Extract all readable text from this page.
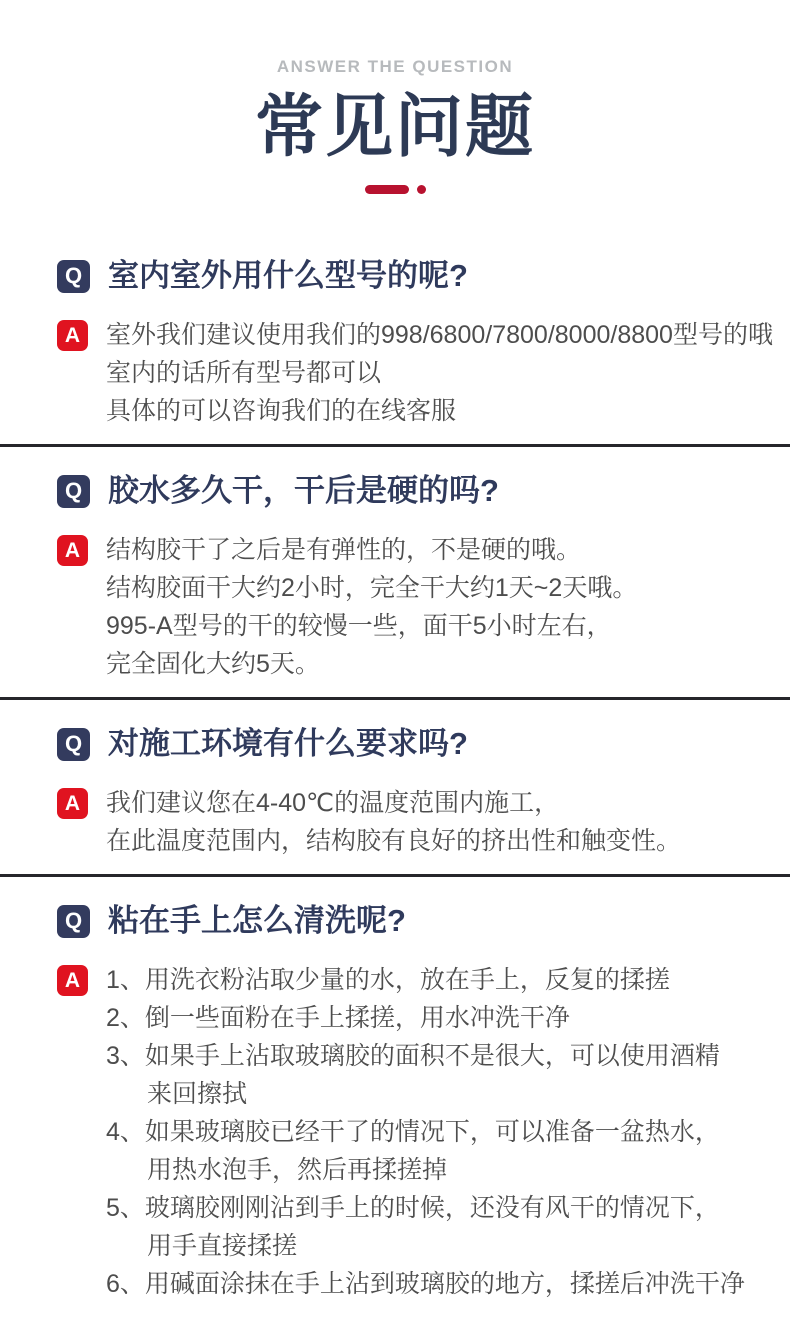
ANSWER THE QUESTION
常见问题
Q 室内室外用什么型号的呢?
A	室外我们建议使用我们的998/6800/7800/8000/8800型号的哦

室内的话所有型号都可以

具体的可以咨询我们的在线客服

Q 胶水多久干，干后是硬的吗?
A	结构胶干了之后是有弹性的，不是硬的哦。

结构胶面干大约2小时，完全干大约1天~2天哦。

995-A型号的干的较慢一些，面干5小时左右，

完全固化大约5天。

Q 对施工环境有什么要求吗?
A	我们建议您在4-40℃的温度范围内施工，

在此温度范围内，结构胶有良好的挤出性和触变性。

Q 粘在手上怎么清洗呢?
A	1、用洗衣粉沾取少量的水，放在手上，反复的揉搓

2、倒一些面粉在手上揉搓，用水冲洗干净

3、如果手上沾取玻璃胶的面积不是很大，可以使用酒精

来回擦拭

4、如果玻璃胶已经干了的情况下，可以准备一盆热水，

用热水泡手，然后再揉搓掉

5、玻璃胶刚刚沾到手上的时候，还没有风干的情况下，

用手直接揉搓

6、用碱面涂抹在手上沾到玻璃胶的地方，揉搓后冲洗干净
